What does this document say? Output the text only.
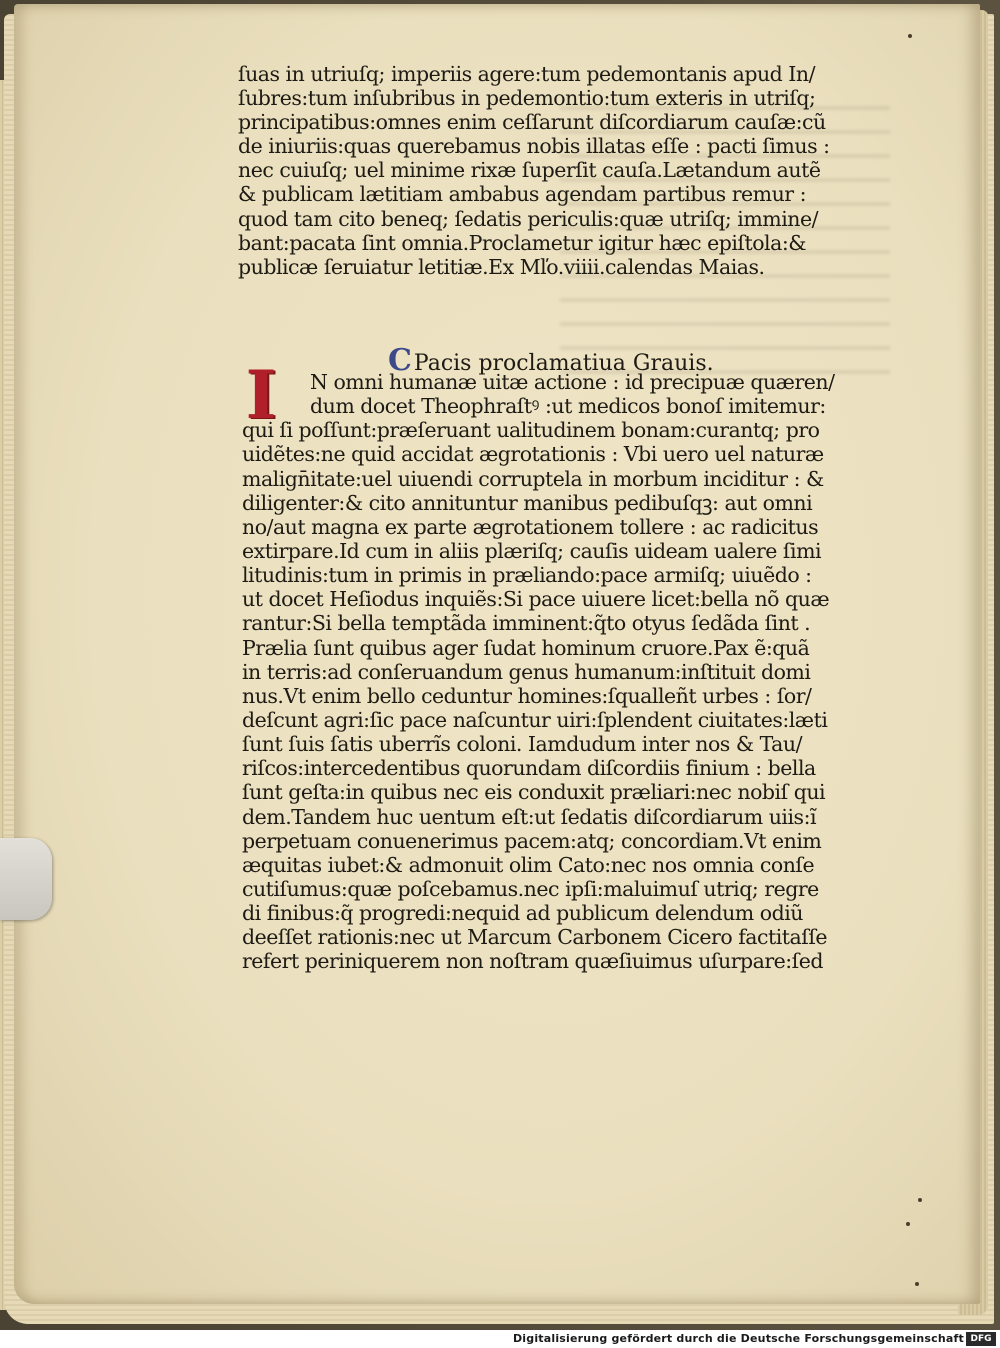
ſuas in utriuſq; imperiis agere:tum pedemontanis apud In/
ſubres:tum inſubribus in pedemontio:tum exteris in utriſq;
principatibus:omnes enim ceſſarunt diſcordiarum cauſæ:cũ
de iniuriis:quas querebamus nobis illatas eſſe : pacti ſimus :
nec cuiuſq; uel minime rixæ ſuperſit cauſa.Lætandum autẽ
& publicam lætitiam ambabus agendam partibus remur :
quod tam cito beneq; ſedatis periculis:quæ utriſq; immine/
bant:pacata ſint omnia.Proclametur igitur hæc epiſtola:&
publicæ ſeruiatur letitiæ.Ex Mľo.viiii.calendas Maias.

CPacis proclamatiua Grauis.

I	N omni humanæ uitæ actione : id precipuæ quæren/
dum docet Theophraſtꝰ :ut medicos bonoſ imitemur:
qui ſi poſſunt:præſeruant ualitudinem bonam:curantq; pro
uidẽtes:ne quid accidat ægrotationis : Vbi uero uel naturæ
malign̄itate:uel uiuendi corruptela in morbum inciditur : &
diligenter:& cito annituntur manibus pedibuſqꝫ: aut omni
no/aut magna ex parte ægrotationem tollere : ac radicitus
extirpare.Id cum in aliis plæriſq; cauſis uideam ualere ſimi
litudinis:tum in primis in præliando:pace armiſq; uiuẽdo :
ut docet Heſiodus inquiẽs:Si pace uiuere licet:bella nõ quæ
rantur:Si bella temptãda imminent:q̃to otyus ſedãda ſint .
Prælia ſunt quibus ager ſudat hominum cruore.Pax ẽ:quã
in terris:ad conſeruandum genus humanum:inſtituit domi
nus.Vt enim bello ceduntur homines:ſqualleñt urbes : ſor/
deſcunt agri:ſic pace naſcuntur uiri:ſplendent ciuitates:læti
ſunt ſuis ſatis uberrĩs coloni. Iamdudum inter nos & Tau/
riſcos:intercedentibus quorundam diſcordiis finium : bella
ſunt geſta:in quibus nec eis conduxit præliari:nec nobiſ qui
dem.Tandem huc uentum eſt:ut ſedatis diſcordiarum uiis:ĩ
perpetuam conuenerimus pacem:atq; concordiam.Vt enim
æquitas iubet:& admonuit olim Cato:nec nos omnia conſe
cutiſumus:quæ poſcebamus.nec ipſi:maluimuſ utriq; regre
di finibus:q̃ progredi:nequid ad publicum delendum odiũ
deeſſet rationis:nec ut Marcum Carbonem Cicero factitaſſe
refert periniquerem non noſtram quæſiuimus uſurpare:ſed
Digitalisierung gefördert durch die Deutsche Forschungsgemeinschaft DFG
